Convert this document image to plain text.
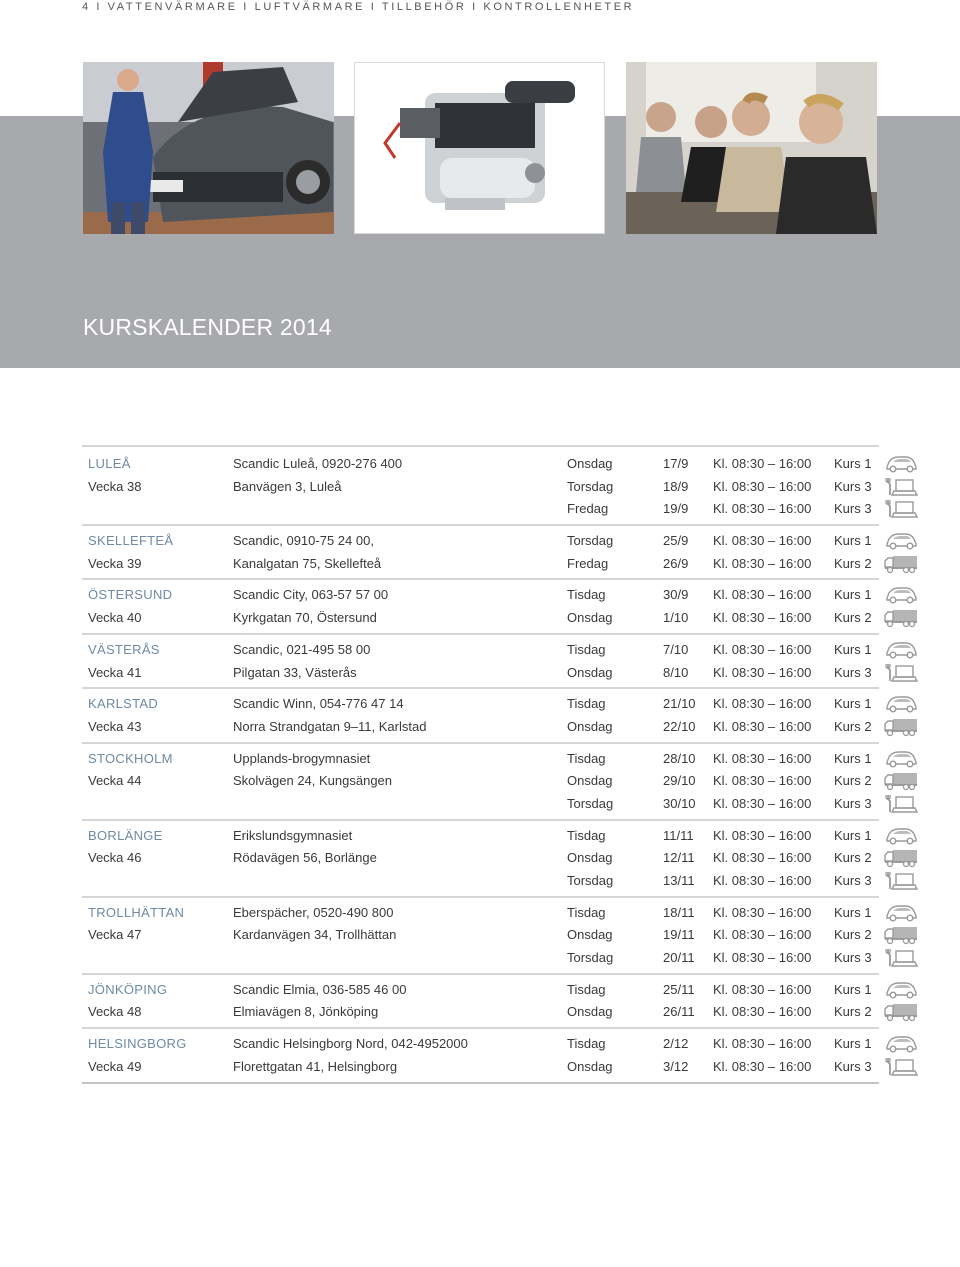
4 I VATTENVÄRMARE I LUFTVÄRMARE I TILLBEHÖR I KONTROLLENHETER
KURSKALENDER 2014
LULEÅ	Scandic Luleå, 0920-276 400	Onsdag	17/9 Kl. 08:30 – 16:00 Kurs 1
Vecka 38	Banvägen 3, Luleå	Torsdag	18/9 Kl. 08:30 – 16:00 Kurs 3
Fredag	19/9 Kl. 08:30 – 16:00 Kurs 3
SKELLEFTEÅ	Scandic, 0910-75 24 00,	Torsdag	25/9 Kl. 08:30 – 16:00 Kurs 1
Vecka 39	Kanalgatan 75, Skellefteå	Fredag	26/9 Kl. 08:30 – 16:00 Kurs 2
ÖSTERSUND	Scandic City, 063-57 57 00	Tisdag	30/9 Kl. 08:30 – 16:00 Kurs 1
Vecka 40	Kyrkgatan 70, Östersund	Onsdag	1/10 Kl. 08:30 – 16:00 Kurs 2
VÄSTERÅS	Scandic, 021-495 58 00	Tisdag	7/10 Kl. 08:30 – 16:00 Kurs 1
Vecka 41	Pilgatan 33, Västerås	Onsdag	8/10 Kl. 08:30 – 16:00 Kurs 3
KARLSTAD	Scandic Winn, 054-776 47 14	Tisdag	21/10 Kl. 08:30 – 16:00 Kurs 1
Vecka 43	Norra Strandgatan 9–11, Karlstad	Onsdag	22/10 Kl. 08:30 – 16:00 Kurs 2
STOCKHOLM	Upplands-brogymnasiet	Tisdag	28/10 Kl. 08:30 – 16:00 Kurs 1
Vecka 44	Skolvägen 24, Kungsängen	Onsdag	29/10 Kl. 08:30 – 16:00 Kurs 2
Torsdag	30/10 Kl. 08:30 – 16:00 Kurs 3
BORLÄNGE	Erikslundsgymnasiet	Tisdag	11/11 Kl. 08:30 – 16:00 Kurs 1
Vecka 46	Rödavägen 56, Borlänge	Onsdag	12/11 Kl. 08:30 – 16:00 Kurs 2
Torsdag	13/11 Kl. 08:30 – 16:00 Kurs 3
TROLLHÄTTAN	Eberspächer, 0520-490 800	Tisdag	18/11 Kl. 08:30 – 16:00 Kurs 1
Vecka 47	Kardanvägen 34, Trollhättan	Onsdag	19/11 Kl. 08:30 – 16:00 Kurs 2
Torsdag	20/11 Kl. 08:30 – 16:00 Kurs 3
JÖNKÖPING	Scandic Elmia, 036-585 46 00	Tisdag	25/11 Kl. 08:30 – 16:00 Kurs 1
Vecka 48	Elmiavägen 8, Jönköping	Onsdag	26/11 Kl. 08:30 – 16:00 Kurs 2
HELSINGBORG	Scandic Helsingborg Nord, 042-4952000	Tisdag	2/12 Kl. 08:30 – 16:00 Kurs 1
Vecka 49	Florettgatan 41, Helsingborg	Onsdag	3/12 Kl. 08:30 – 16:00 Kurs 3
